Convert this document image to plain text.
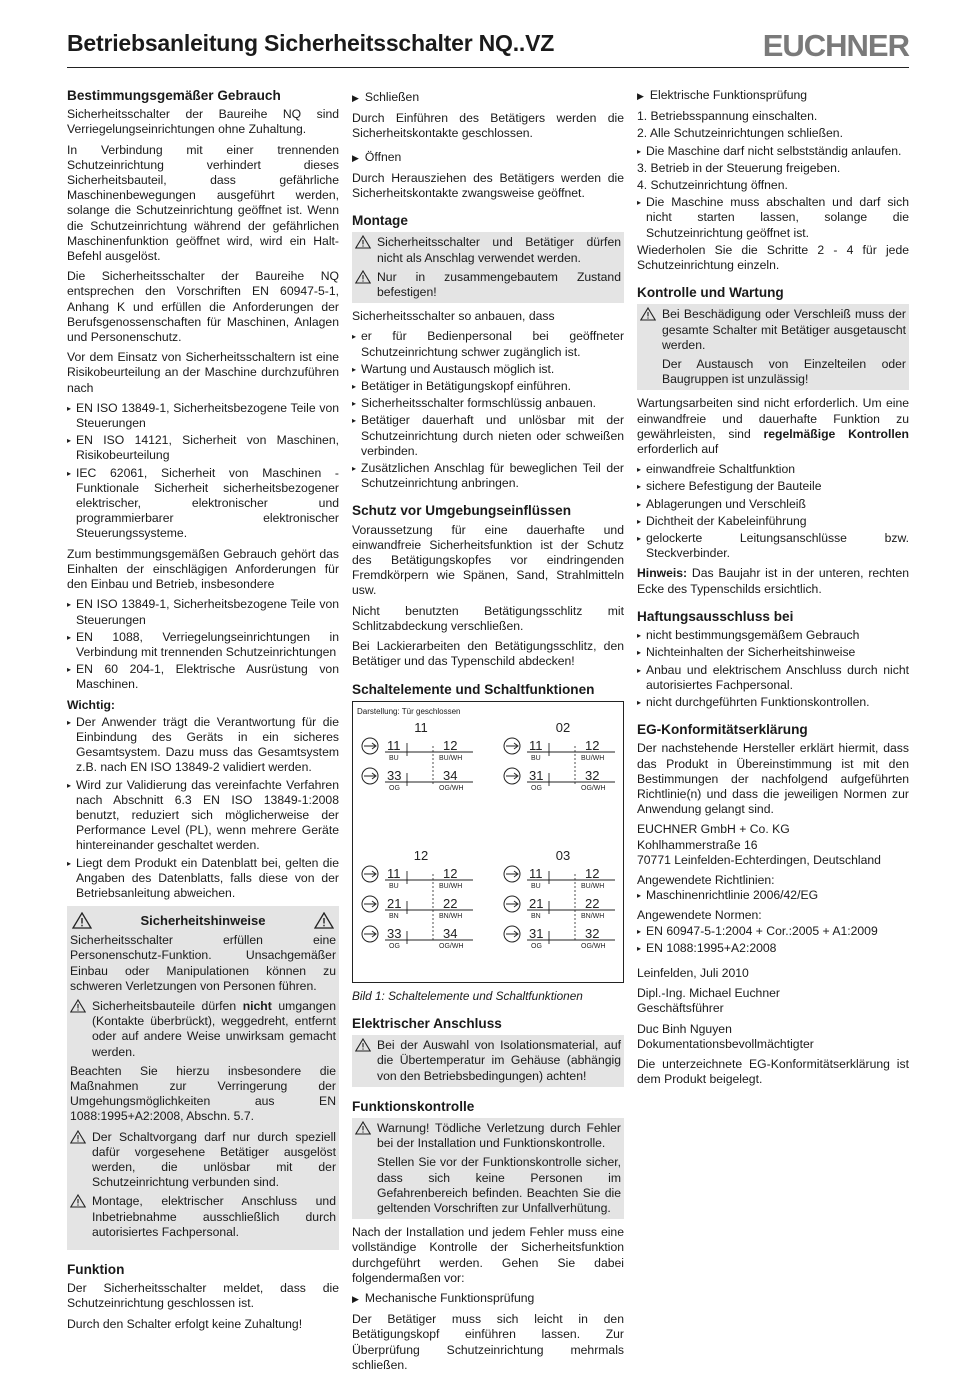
Betriebsanleitung Sicherheitsschalter NQ..VZ	EUCHNER
Bestimmungsgemäßer Gebrauch

Sicherheitsschalter der Baureihe NQ sind Verriegelungseinrichtungen ohne Zuhaltung.

In Verbindung mit einer trennenden Schutzeinrichtung verhindert dieses Sicherheitsbauteil, dass gefährliche Maschinenbewegungen ausgeführt werden, solange die Schutzeinrichtung geöffnet ist. Wenn die Schutzeinrichtung während der gefährlichen Maschinenfunktion geöffnet wird, wird ein Halt-Befehl ausgelöst.

Die Sicherheitsschalter der Baureihe NQ entsprechen den Vorschriften EN 60947-5-1, Anhang K und erfüllen die Anforderungen der Berufsgenossenschaften für Maschinen, Anlagen und Personenschutz.

Vor dem Einsatz von Sicherheitsschaltern ist eine Risikobeurteilung an der Maschine durchzuführen nach

▸ EN ISO 13849-1, Sicherheitsbezogene Teile von Steuerungen
▸ EN ISO 14121, Sicherheit von Maschinen, Risikobeurteilung
▸ IEC 62061, Sicherheit von Maschinen - Funktionale Sicherheit sicherheitsbezogener elektrischer, elektronischer und programmierbarer elektronischer Steuerungssysteme.

Zum bestimmungsgemäßen Gebrauch gehört das Einhalten der einschlägigen Anforderungen für den Einbau und Betrieb, insbesondere

▸ EN ISO 13849-1, Sicherheitsbezogene Teile von Steuerungen
▸ EN 1088, Verriegelungseinrichtungen in Verbindung mit trennenden Schutzeinrichtungen
▸ EN 60 204-1, Elektrische Ausrüstung von Maschinen.
Wichtig:
▸ Der Anwender trägt die Verantwortung für die Einbindung des Geräts in ein sicheres Gesamtsystem. Dazu muss das Gesamtsystem z.B. nach EN ISO 13849-2 validiert werden.
▸ Wird zur Validierung das vereinfachte Verfahren nach Abschnitt 6.3 EN ISO 13849-1:2008 benutzt, reduziert sich möglicherweise der Performance Level (PL), wenn mehrere Geräte hintereinander geschaltet werden.
▸ Liegt dem Produkt ein Datenblatt bei, gelten die Angaben des Datenblatts, falls diese von der Betriebsanleitung abweichen.
Sicherheitshinweise

Sicherheitsschalter erfüllen eine Personenschutz-Funktion. Unsachgemäßer Einbau oder Manipulationen können zu schweren Verletzungen von Personen führen.

Sicherheitsbauteile dürfen nicht umgangen (Kontakte überbrückt), weggedreht, entfernt oder auf andere Weise unwirksam gemacht werden.

Beachten Sie hierzu insbesondere die Maßnahmen zur Verringerung der Umgehungsmöglichkeiten aus EN 1088:1995+A2:2008, Abschn. 5.7.

Der Schaltvorgang darf nur durch speziell dafür vorgesehene Betätiger ausgelöst werden, die unlösbar mit der Schutzeinrichtung verbunden sind.
Montage, elektrischer Anschluss und Inbetriebnahme ausschließlich durch autorisiertes Fachpersonal.
Funktion

Der Sicherheitsschalter meldet, dass die Schutzeinrichtung geschlossen ist.

Durch den Schalter erfolgt keine Zuhaltung!

▶ Schließen

Durch Einführen des Betätigers werden die Sicherheitskontakte geschlossen.

▶ Öffnen

Durch Herausziehen des Betätigers werden die Sicherheitskontakte zwangsweise geöffnet.

Montage
Sicherheitsschalter und Betätiger dürfen nicht als Anschlag verwendet werden.
Nur in zusammengebautem Zustand befestigen!

Sicherheitsschalter so anbauen, dass

▸ er für Bedienpersonal bei geöffneter Schutzeinrichtung schwer zugänglich ist.
▸ Wartung und Austausch möglich ist.
▸ Betätiger in Betätigungskopf einführen.
▸ Sicherheitsschalter formschlüssig anbauen.
▸ Betätiger dauerhaft und unlösbar mit der Schutzeinrichtung durch nieten oder schweißen verbinden.
▸ Zusätzlichen Anschlag für beweglichen Teil der Schutzeinrichtung anbringen.
Schutz vor Umgebungseinflüssen

Voraussetzung für eine dauerhafte und einwandfreie Sicherheitsfunktion ist der Schutz des Betätigungskopfes vor eindringenden Fremdkörpern wie Spänen, Sand, Strahlmitteln usw.

Nicht benutzten Betätigungsschlitz mit Schlitzabdeckung verschließen.

Bei Lackierarbeiten den Betätigungsschlitz, den Betätiger und das Typenschild abdecken!

Schaltelemente und Schaltfunktionen
Darstellung: Tür geschlossen
11
11
BU
12
BU/WH
33
OG
34
OG/WH
02
11
BU
12
BU/WH
31
OG
32
OG/WH
12
11
BU
12
BU/WH
21
BN
22
BN/WH
33
OG
34
OG/WH
03
11
BU
12
BU/WH
21
BN
22
BN/WH
31
OG
32
OG/WH
Bild 1: Schaltelemente und Schaltfunktionen
Elektrischer Anschluss
Bei der Auswahl von Isolationsmaterial, auf die Übertemperatur im Gehäuse (abhängig von den Betriebsbedingungen) achten!
Funktionskontrolle
Warnung! Tödliche Verletzung durch Fehler bei der Installation und Funktionskontrolle.
Stellen Sie vor der Funktionskontrolle sicher, dass sich keine Personen im Gefahrenbereich befinden. Beachten Sie die geltenden Vorschriften zur Unfallverhütung.

Nach der Installation und jedem Fehler muss eine vollständige Kontrolle der Sicherheitsfunktion durchgeführt werden. Gehen Sie dabei folgendermaßen vor:

▶ Mechanische Funktionsprüfung

Der Betätiger muss sich leicht in den Betätigungskopf einführen lassen. Zur Überprüfung Schutzeinrichtung mehrmals schließen.

▶ Elektrische Funktionsprüfung
1. Betriebsspannung einschalten.
2. Alle Schutzeinrichtungen schließen.
▸ Die Maschine darf nicht selbstständig anlaufen.
3. Betrieb in der Steuerung freigeben.
4. Schutzeinrichtung öffnen.
▸ Die Maschine muss abschalten und darf sich nicht starten lassen, solange die Schutzeinrichtung geöffnet ist.

Wiederholen Sie die Schritte 2 - 4 für jede Schutzeinrichtung einzeln.

Kontrolle und Wartung
Bei Beschädigung oder Verschleiß muss der gesamte Schalter mit Betätiger ausgetauscht werden.
Der Austausch von Einzelteilen oder Baugruppen ist unzulässig!

Wartungsarbeiten sind nicht erforderlich. Um eine einwandfreie und dauerhafte Funktion zu gewährleisten, sind regelmäßige Kontrollen erforderlich auf

▸ einwandfreie Schaltfunktion
▸ sichere Befestigung der Bauteile
▸ Ablagerungen und Verschleiß
▸ Dichtheit der Kabeleinführung
▸ gelockerte Leitungsanschlüsse bzw. Steckverbinder.

Hinweis: Das Baujahr ist in der unteren, rechten Ecke des Typenschilds ersichtlich.

Haftungsausschluss bei
▸ nicht bestimmungsgemäßem Gebrauch
▸ Nichteinhalten der Sicherheitshinweise
▸ Anbau und elektrischem Anschluss durch nicht autorisiertes Fachpersonal.
▸ nicht durchgeführten Funktionskontrollen.
EG-Konformitätserklärung

Der nachstehende Hersteller erklärt hiermit, dass das Produkt in Übereinstimmung ist mit den Bestimmungen der nachfolgend aufgeführten Richtlinie(n) und dass die jeweiligen Normen zur Anwendung gelangt sind.

EUCHNER GmbH + Co. KG
Kohlhammerstraße 16
70771 Leinfelden-Echterdingen, Deutschland
Angewendete Richtlinien:
▸ Maschinenrichtlinie 2006/42/EG
Angewendete Normen:
▸ EN 60947-5-1:2004 + Cor.:2005 + A1:2009
▸ EN 1088:1995+A2:2008

Leinfelden, Juli 2010

Dipl.-Ing. Michael Euchner
Geschäftsführer
Duc Binh Nguyen
Dokumentationsbevollmächtigter

Die unterzeichnete EG-Konformitätserklärung ist dem Produkt beigelegt.
